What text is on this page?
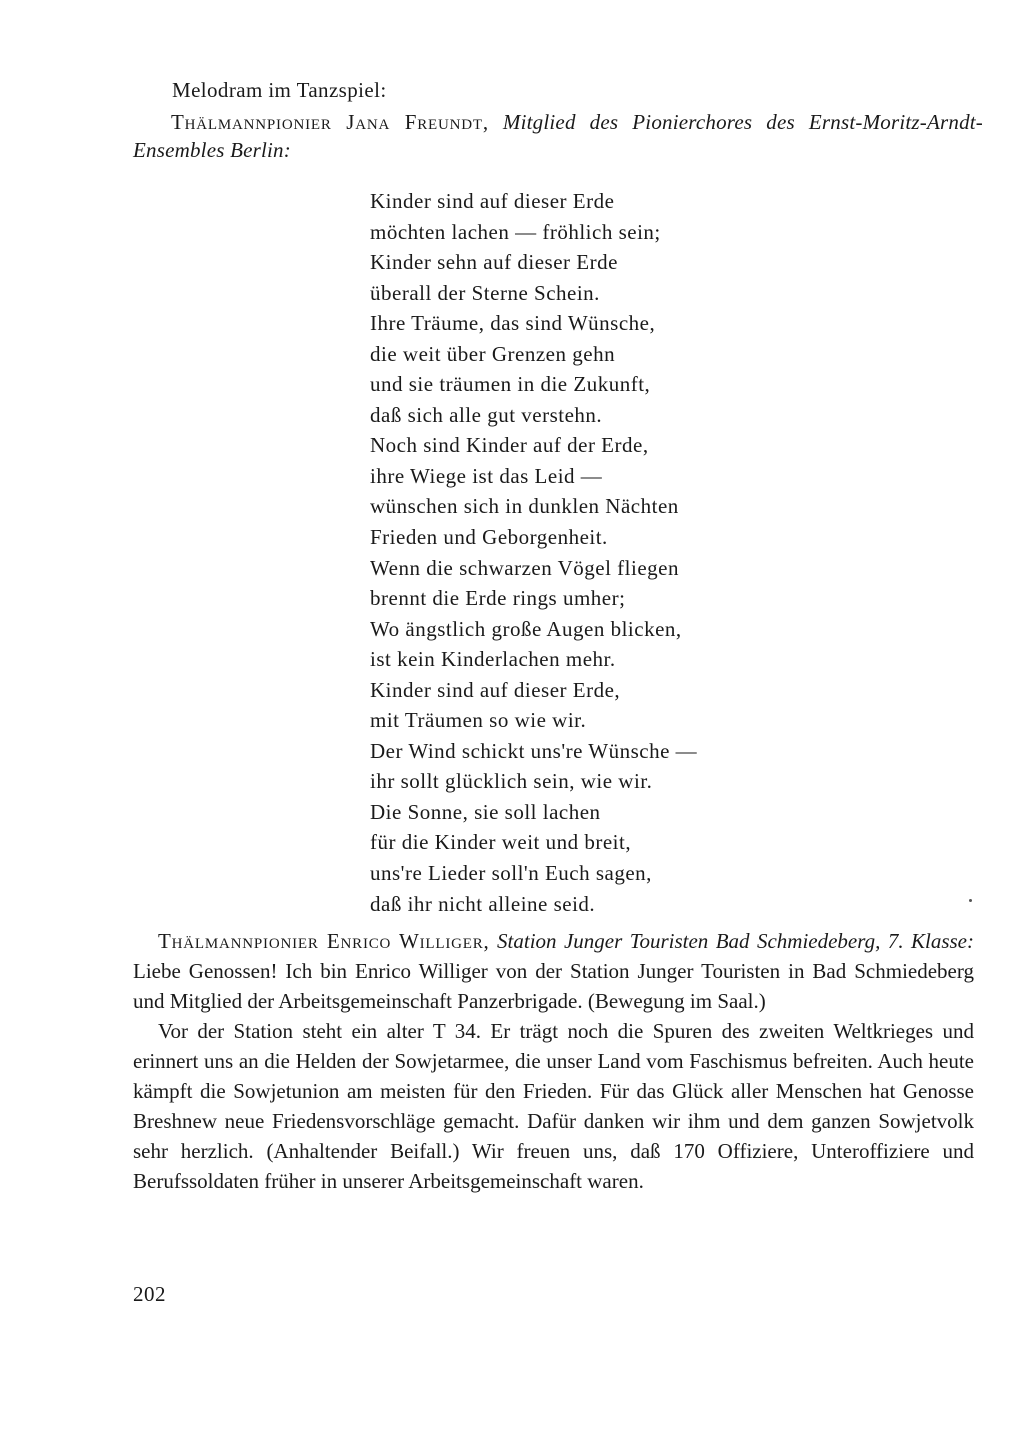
Melodram im Tanzspiel:
Thälmannpionier Jana Freundt, Mitglied des Pionierchores des Ernst-Moritz-Arndt-Ensembles Berlin:
Kinder sind auf dieser Erde
möchten lachen — fröhlich sein;
Kinder sehn auf dieser Erde
überall der Sterne Schein.
Ihre Träume, das sind Wünsche,
die weit über Grenzen gehn
und sie träumen in die Zukunft,
daß sich alle gut verstehn.
Noch sind Kinder auf der Erde,
ihre Wiege ist das Leid —
wünschen sich in dunklen Nächten
Frieden und Geborgenheit.
Wenn die schwarzen Vögel fliegen
brennt die Erde rings umher;
Wo ängstlich große Augen blicken,
ist kein Kinderlachen mehr.
Kinder sind auf dieser Erde,
mit Träumen so wie wir.
Der Wind schickt uns're Wünsche —
ihr sollt glücklich sein, wie wir.
Die Sonne, sie soll lachen
für die Kinder weit und breit,
uns're Lieder soll'n Euch sagen,
daß ihr nicht alleine seid.

Thälmannpionier Enrico Williger, Station Junger Touristen Bad Schmiedeberg, 7. Klasse: Liebe Genossen! Ich bin Enrico Williger von der Station Junger Touristen in Bad Schmiedeberg und Mitglied der Arbeitsgemeinschaft Panzerbrigade. (Bewegung im Saal.)

Vor der Station steht ein alter T 34. Er trägt noch die Spuren des zweiten Weltkrieges und erinnert uns an die Helden der Sowjetarmee, die unser Land vom Faschismus befreiten. Auch heute kämpft die Sowjetunion am meisten für den Frieden. Für das Glück aller Menschen hat Genosse Breshnew neue Friedensvorschläge gemacht. Dafür danken wir ihm und dem ganzen Sowjetvolk sehr herzlich. (Anhaltender Beifall.) Wir freuen uns, daß 170 Offiziere, Unteroffiziere und Berufssoldaten früher in unserer Arbeitsgemeinschaft waren.

202
